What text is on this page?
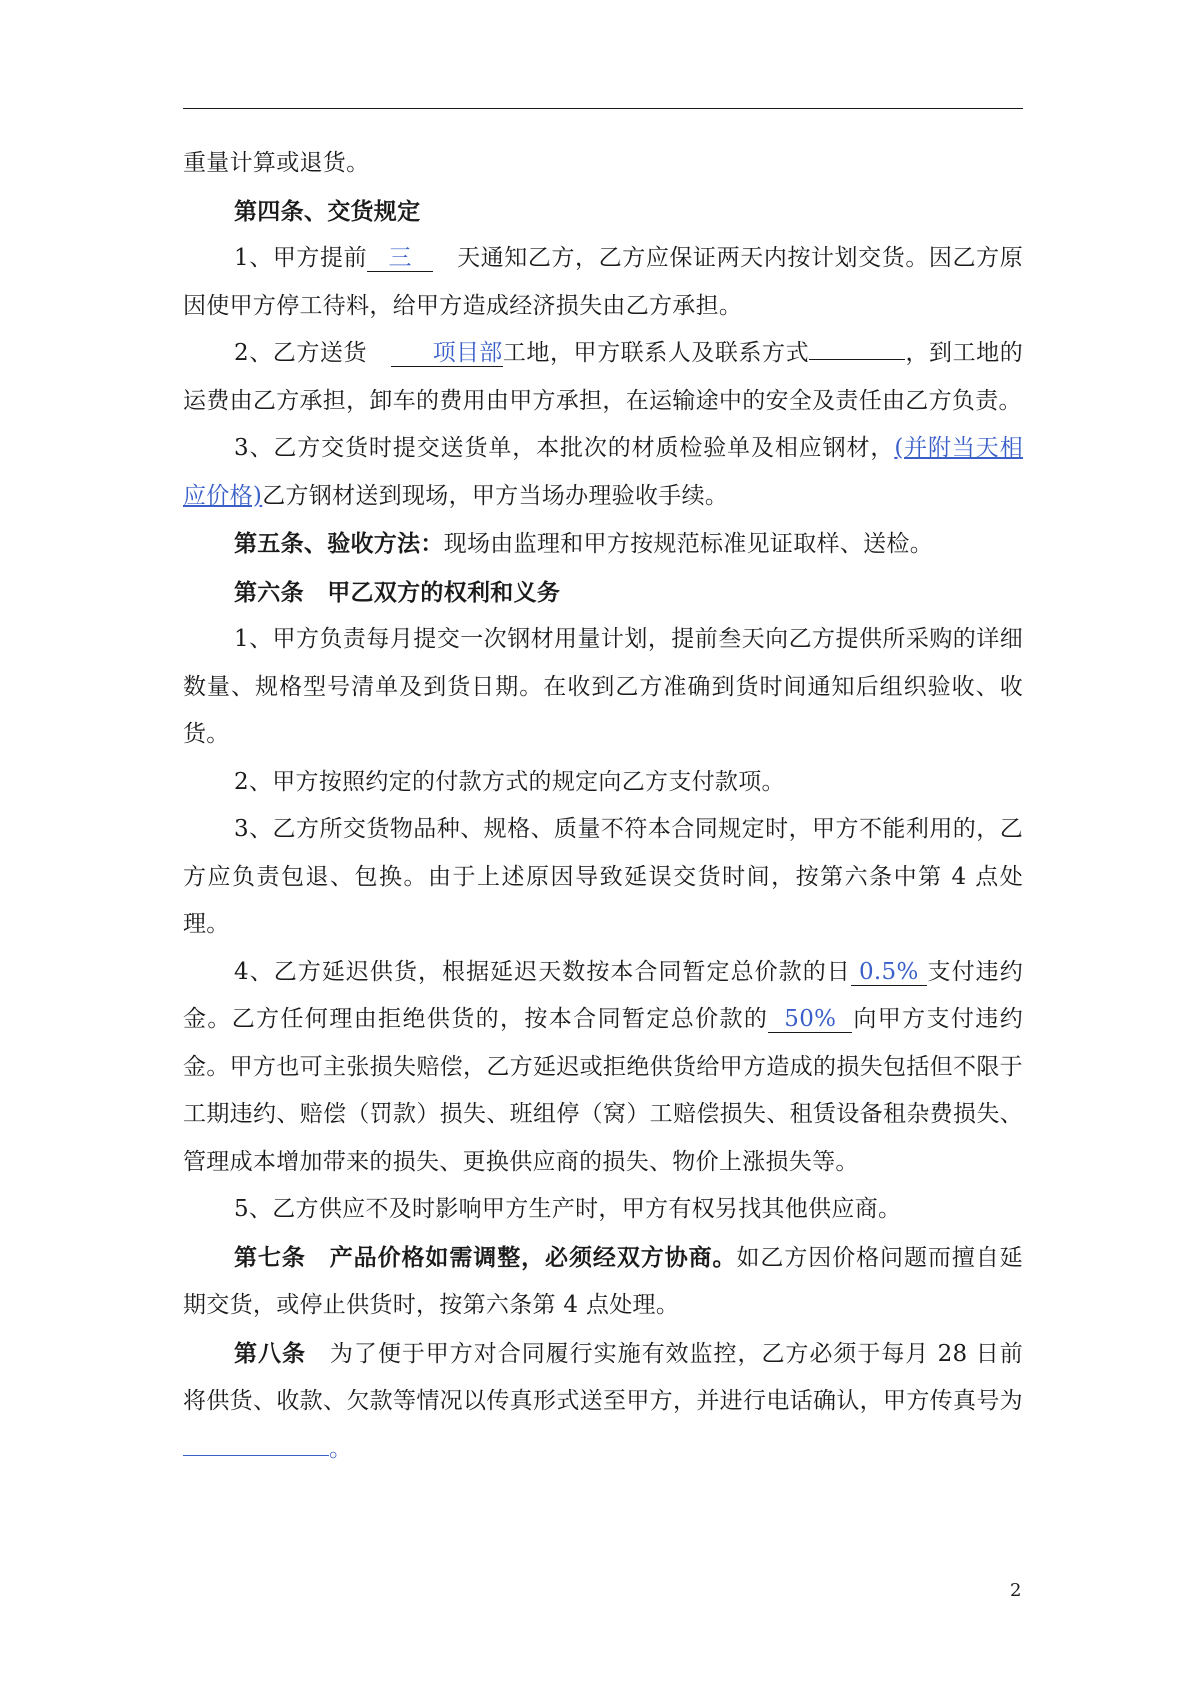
重量计算或退货。

第四条、交货规定

1、甲方提前 三　 天通知乙方，乙方应保证两天内按计划交货。因乙方原因使甲方停工待料，给甲方造成经济损失由乙方承担。

2、乙方送货　	项目部工地，甲方联系人及联系方式	，到工地的运费由乙方承担，卸车的费用由甲方承担，在运输途中的安全及责任由乙方负责。

3、乙方交货时提交送货单，本批次的材质检验单及相应钢材，(并附当天相应价格)乙方钢材送到现场，甲方当场办理验收手续。

第五条、验收方法：现场由监理和甲方按规范标准见证取样、送检。

第六条　甲乙双方的权利和义务

1、甲方负责每月提交一次钢材用量计划，提前叁天向乙方提供所采购的详细数量、规格型号清单及到货日期。在收到乙方准确到货时间通知后组织验收、收货。

2、甲方按照约定的付款方式的规定向乙方支付款项。

3、乙方所交货物品种、规格、质量不符本合同规定时，甲方不能利用的，乙方应负责包退、包换。由于上述原因导致延误交货时间，按第六条中第 4 点处理。

4、乙方延迟供货，根据延迟天数按本合同暂定总价款的日 0.5% 支付违约金。乙方任何理由拒绝供货的，按本合同暂定总价款的 50% 向甲方支付违约金。甲方也可主张损失赔偿，乙方延迟或拒绝供货给甲方造成的损失包括但不限于工期违约、赔偿（罚款）损失、班组停（窝）工赔偿损失、租赁设备租杂费损失、管理成本增加带来的损失、更换供应商的损失、物价上涨损失等。

5、乙方供应不及时影响甲方生产时，甲方有权另找其他供应商。

第七条　产品价格如需调整，必须经双方协商。如乙方因价格问题而擅自延期交货，或停止供货时，按第六条第 4 点处理。

第八条　为了便于甲方对合同履行实施有效监控，乙方必须于每月 28 日前将供货、收款、欠款等情况以传真形式送至甲方，并进行电话确认，甲方传真号为。

2
